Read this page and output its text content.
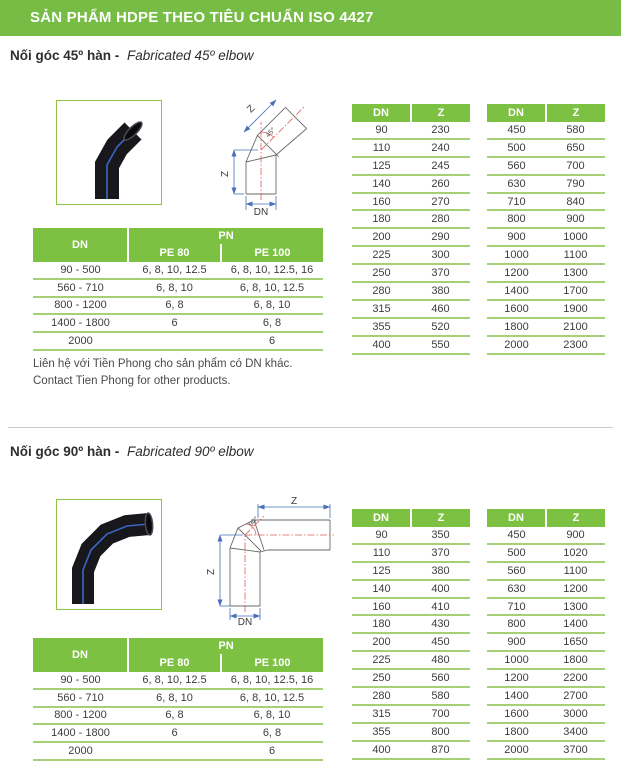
SẢN PHẨM HDPE THEO TIÊU CHUẨN ISO 4427
Nối góc 45º hàn - Fabricated 45º elbow
45°
Z
Z
DN
DN	Z
90	230
110	240
125	245
140	260
160	270
180	280
200	290
225	300
250	370
280	380
315	460
355	520
400	550
DN	Z
450	580
500	650
560	700
630	790
710	840
800	900
900	1000
1000	1100
1200	1300
1400	1700
1600	1900
1800	2100
2000	2300
DN	PN	
	PE 80	PE 100
90 - 500	6, 8, 10, 12.5	6, 8, 10, 12.5, 16
560 - 710	6, 8, 10	6, 8, 10, 12.5
800 - 1200	6, 8	6, 8, 10
1400 - 1800	6	6, 8
2000		6

Liên hệ với Tiền Phong cho sản phẩm có DN khác.
Contact Tien Phong for other products.

Nối góc 90º hàn - Fabricated 90º elbow
90°
Z
Z
DN
DN	Z
90	350
110	370
125	380
140	400
160	410
180	430
200	450
225	480
250	560
280	580
315	700
355	800
400	870
DN	Z
450	900
500	1020
560	1100
630	1200
710	1300
800	1400
900	1650
1000	1800
1200	2200
1400	2700
1600	3000
1800	3400
2000	3700
DN	PN	
	PE 80	PE 100
90 - 500	6, 8, 10, 12.5	6, 8, 10, 12.5, 16
560 - 710	6, 8, 10	6, 8, 10, 12.5
800 - 1200	6, 8	6, 8, 10
1400 - 1800	6	6, 8
2000		6
